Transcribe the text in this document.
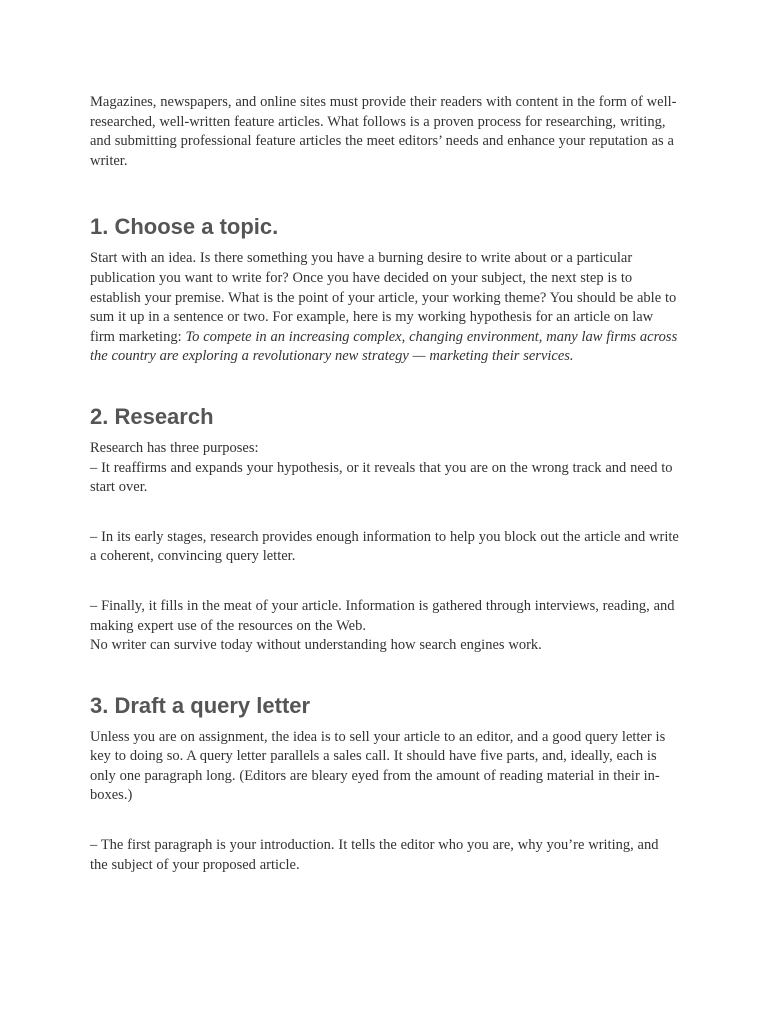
Magazines, newspapers, and online sites must provide their readers with content in the form of well-researched, well-written feature articles. What follows is a proven process for researching, writing, and submitting professional feature articles the meet editors’ needs and enhance your reputation as a writer.

1. Choose a topic.

Start with an idea. Is there something you have a burning desire to write about or a particular publication you want to write for? Once you have decided on your subject, the next step is to establish your premise. What is the point of your article, your working theme? You should be able to sum it up in a sentence or two. For example, here is my working hypothesis for an article on law firm marketing: To compete in an increasing complex, changing environment, many law firms across the country are exploring a revolutionary new strategy — marketing their services.

2. Research

Research has three purposes:
– It reaffirms and expands your hypothesis, or it reveals that you are on the wrong track and need to start over.

– In its early stages, research provides enough information to help you block out the article and write a coherent, convincing query letter.

– Finally, it fills in the meat of your article. Information is gathered through interviews, reading, and making expert use of the resources on the Web.
No writer can survive today without understanding how search engines work.

3. Draft a query letter

Unless you are on assignment, the idea is to sell your article to an editor, and a good query letter is key to doing so. A query letter parallels a sales call. It should have five parts, and, ideally, each is only one paragraph long. (Editors are bleary eyed from the amount of reading material in their in-boxes.)

– The first paragraph is your introduction. It tells the editor who you are, why you’re writing, and the subject of your proposed article.
